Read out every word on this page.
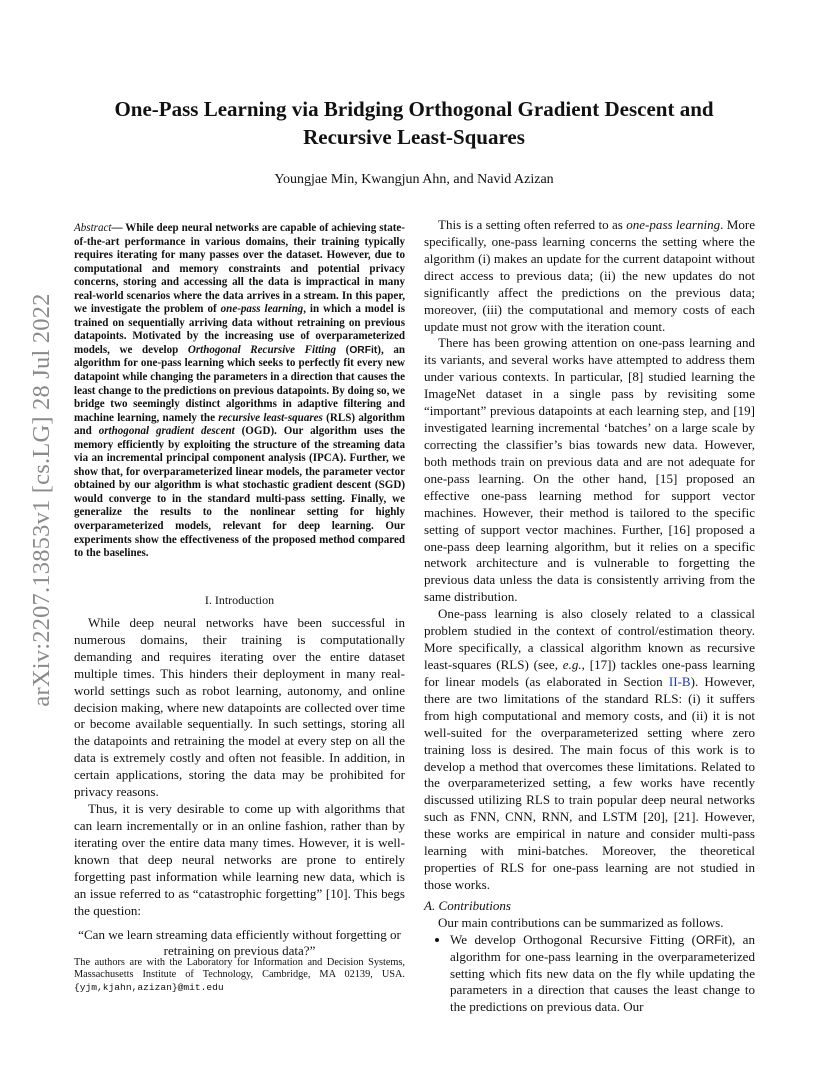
arXiv:2207.13853v1 [cs.LG] 28 Jul 2022
One-Pass Learning via Bridging Orthogonal Gradient Descent and
Recursive Least-Squares
Youngjae Min, Kwangjun Ahn, and Navid Azizan

Abstract— While deep neural networks are capable of achieving state-of-the-art performance in various domains, their training typically requires iterating for many passes over the dataset. However, due to computational and memory constraints and potential privacy concerns, storing and accessing all the data is impractical in many real-world scenarios where the data arrives in a stream. In this paper, we investigate the problem of one-pass learning, in which a model is trained on sequentially arriving data without retraining on previous datapoints. Motivated by the increasing use of overparameterized models, we develop Orthogonal Recursive Fitting (ORFit), an algorithm for one-pass learning which seeks to perfectly fit every new datapoint while changing the parameters in a direction that causes the least change to the predictions on previous datapoints. By doing so, we bridge two seemingly distinct algorithms in adaptive filtering and machine learning, namely the recursive least-squares (RLS) algorithm and orthogonal gradient descent (OGD). Our algorithm uses the memory efficiently by exploiting the structure of the streaming data via an incremental principal component analysis (IPCA). Further, we show that, for overparameterized linear models, the parameter vector obtained by our algorithm is what stochastic gradient descent (SGD) would converge to in the standard multi-pass setting. Finally, we generalize the results to the nonlinear setting for highly overparameterized models, relevant for deep learning. Our experiments show the effectiveness of the proposed method compared to the baselines.

I. Introduction

While deep neural networks have been successful in numerous domains, their training is computationally demanding and requires iterating over the entire dataset multiple times. This hinders their deployment in many real-world settings such as robot learning, autonomy, and online decision making, where new datapoints are collected over time or become available sequentially. In such settings, storing all the datapoints and retraining the model at every step on all the data is extremely costly and often not feasible. In addition, in certain applications, storing the data may be prohibited for privacy reasons.

Thus, it is very desirable to come up with algorithms that can learn incrementally or in an online fashion, rather than by iterating over the entire data many times. However, it is well-known that deep neural networks are prone to entirely forgetting past information while learning new data, which is an issue referred to as “catastrophic forgetting” [10]. This begs the question:

“Can we learn streaming data efficiently without forgetting or retraining on previous data?”

The authors are with the Laboratory for Information and Decision Systems, Massachusetts Institute of Technology, Cambridge, MA 02139, USA. {yjm,kjahn,azizan}@mit.edu

This is a setting often referred to as one-pass learning. More specifically, one-pass learning concerns the setting where the algorithm (i) makes an update for the current datapoint without direct access to previous data; (ii) the new updates do not significantly affect the predictions on the previous data; moreover, (iii) the computational and memory costs of each update must not grow with the iteration count.

There has been growing attention on one-pass learning and its variants, and several works have attempted to address them under various contexts. In particular, [8] studied learning the ImageNet dataset in a single pass by revisiting some “important” previous datapoints at each learning step, and [19] investigated learning incremental ‘batches’ on a large scale by correcting the classifier’s bias towards new data. However, both methods train on previous data and are not adequate for one-pass learning. On the other hand, [15] proposed an effective one-pass learning method for support vector machines. However, their method is tailored to the specific setting of support vector machines. Further, [16] proposed a one-pass deep learning algorithm, but it relies on a specific network architecture and is vulnerable to forgetting the previous data unless the data is consistently arriving from the same distribution.

One-pass learning is also closely related to a classical problem studied in the context of control/estimation theory. More specifically, a classical algorithm known as recursive least-squares (RLS) (see, e.g., [17]) tackles one-pass learning for linear models (as elaborated in Section II-B). However, there are two limitations of the standard RLS: (i) it suffers from high computational and memory costs, and (ii) it is not well-suited for the overparameterized setting where zero training loss is desired. The main focus of this work is to develop a method that overcomes these limitations. Related to the overparameterized setting, a few works have recently discussed utilizing RLS to train popular deep neural networks such as FNN, CNN, RNN, and LSTM [20], [21]. However, these works are empirical in nature and consider multi-pass learning with mini-batches. Moreover, the theoretical properties of RLS for one-pass learning are not studied in those works.

A. Contributions

Our main contributions can be summarized as follows.

• We develop Orthogonal Recursive Fitting (ORFit), an algorithm for one-pass learning in the overparameterized setting which fits new data on the fly while updating the parameters in a direction that causes the least change to the predictions on previous data. Our
